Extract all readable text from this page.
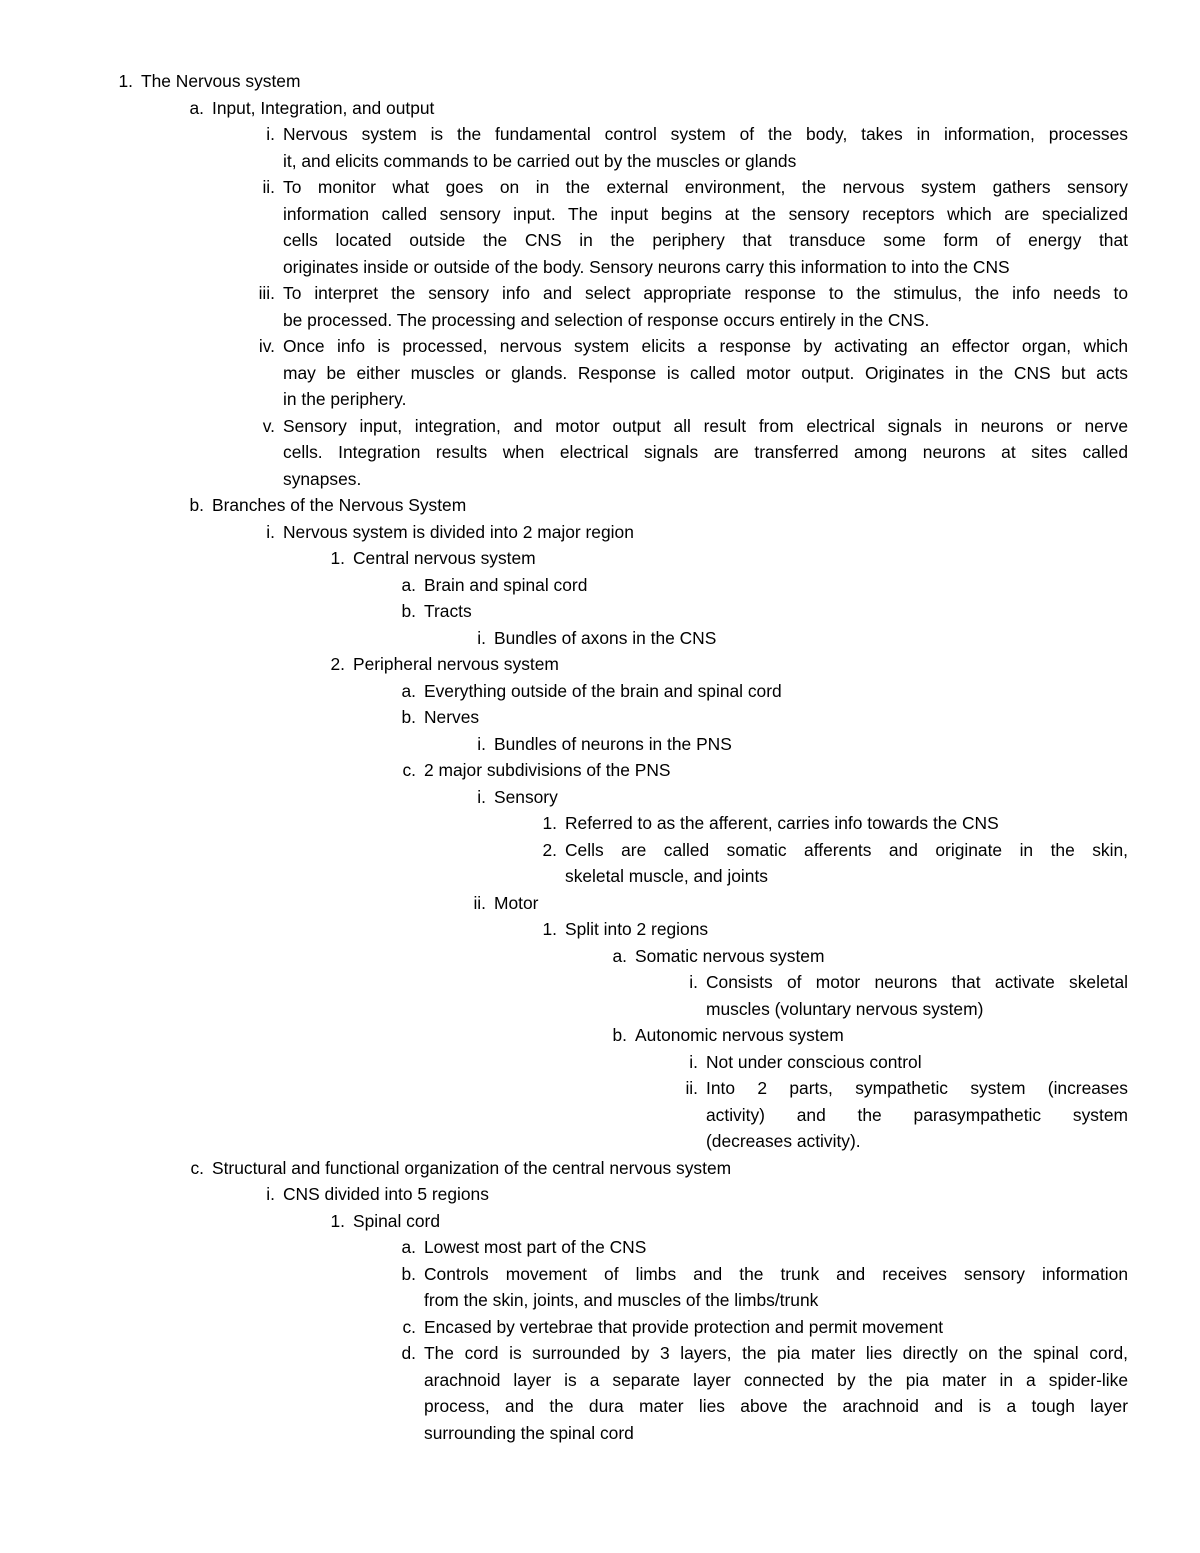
1. The Nervous system
a. Input, Integration, and output
i. Nervous system is the fundamental control system of the body, takes in information, processes
it, and elicits commands to be carried out by the muscles or glands
ii. To monitor what goes on in the external environment, the nervous system gathers sensory
information called sensory input. The input begins at the sensory receptors which are specialized
cells located outside the CNS in the periphery that transduce some form of energy that
originates inside or outside of the body. Sensory neurons carry this information to into the CNS
iii. To interpret the sensory info and select appropriate response to the stimulus, the info needs to
be processed. The processing and selection of response occurs entirely in the CNS.
iv. Once info is processed, nervous system elicits a response by activating an effector organ, which
may be either muscles or glands. Response is called motor output. Originates in the CNS but acts
in the periphery.
v. Sensory input, integration, and motor output all result from electrical signals in neurons or nerve
cells. Integration results when electrical signals are transferred among neurons at sites called
synapses.
b. Branches of the Nervous System
i. Nervous system is divided into 2 major region
1. Central nervous system
a. Brain and spinal cord
b. Tracts
i. Bundles of axons in the CNS
2. Peripheral nervous system
a. Everything outside of the brain and spinal cord
b. Nerves
i. Bundles of neurons in the PNS
c. 2 major subdivisions of the PNS
i. Sensory
1. Referred to as the afferent, carries info towards the CNS
2. Cells are called somatic afferents and originate in the skin,
skeletal muscle, and joints
ii. Motor
1. Split into 2 regions
a. Somatic nervous system
i. Consists of motor neurons that activate skeletal
muscles (voluntary nervous system)
b. Autonomic nervous system
i. Not under conscious control
ii. Into 2 parts, sympathetic system (increases
activity) and the parasympathetic system
(decreases activity).
c. Structural and functional organization of the central nervous system
i. CNS divided into 5 regions
1. Spinal cord
a. Lowest most part of the CNS
b. Controls movement of limbs and the trunk and receives sensory information
from the skin, joints, and muscles of the limbs/trunk
c. Encased by vertebrae that provide protection and permit movement
d. The cord is surrounded by 3 layers, the pia mater lies directly on the spinal cord,
arachnoid layer is a separate layer connected by the pia mater in a spider-like
process, and the dura mater lies above the arachnoid and is a tough layer
surrounding the spinal cord
